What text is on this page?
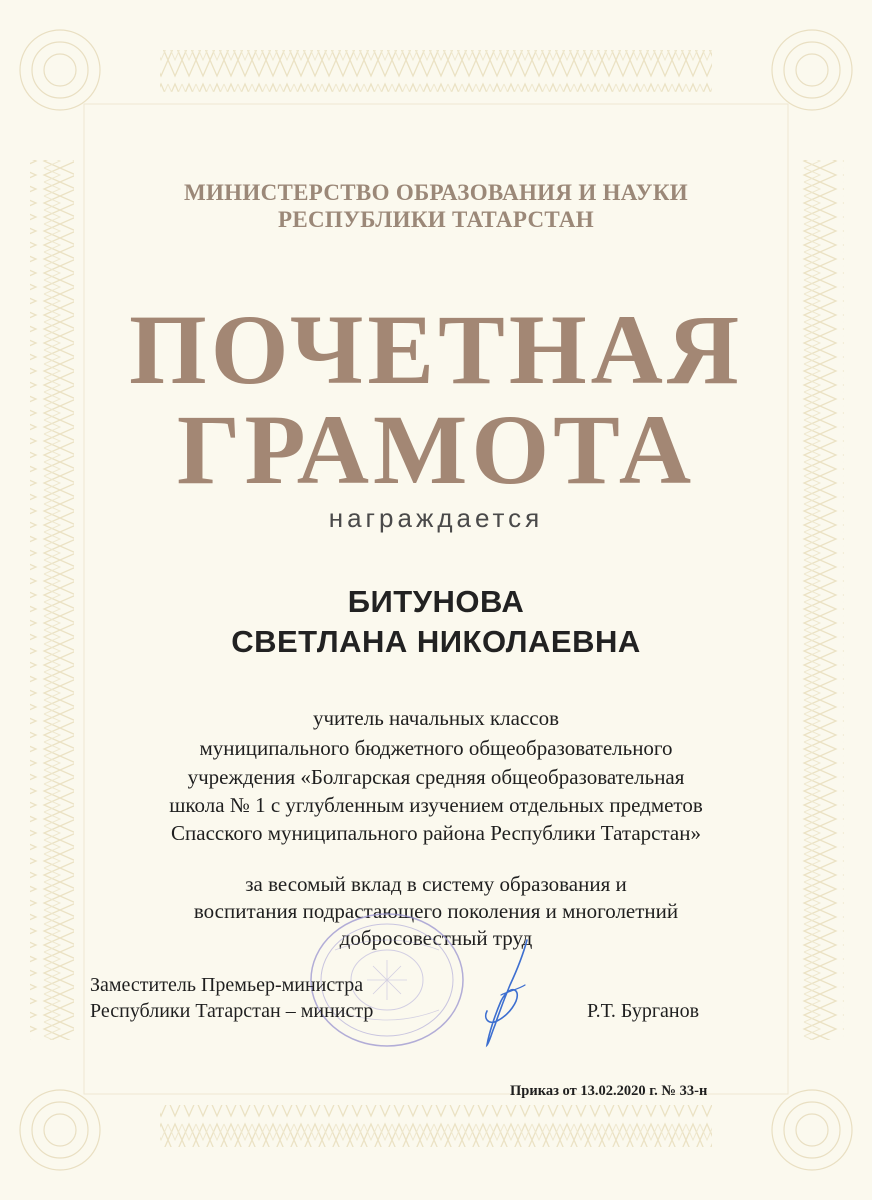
МИНИСТЕРСТВО ОБРАЗОВАНИЯ И НАУКИ
РЕСПУБЛИКИ ТАТАРСТАН
ПОЧЕТНАЯ
ГРАМОТА
награждается
БИТУНОВА
СВЕТЛАНА НИКОЛАЕВНА
учитель начальных классов
муниципального бюджетного общеобразовательного
учреждения «Болгарская средняя общеобразовательная
школа № 1 с углубленным изучением отдельных предметов
Спасского муниципального района Республики Татарстан»
за весомый вклад в систему образования и
воспитания подрастающего поколения и многолетний
добросовестный труд
Заместитель Премьер-министра
Республики Татарстан – министр	Р.Т. Бурганов
Приказ от 13.02.2020 г. № 33-н
